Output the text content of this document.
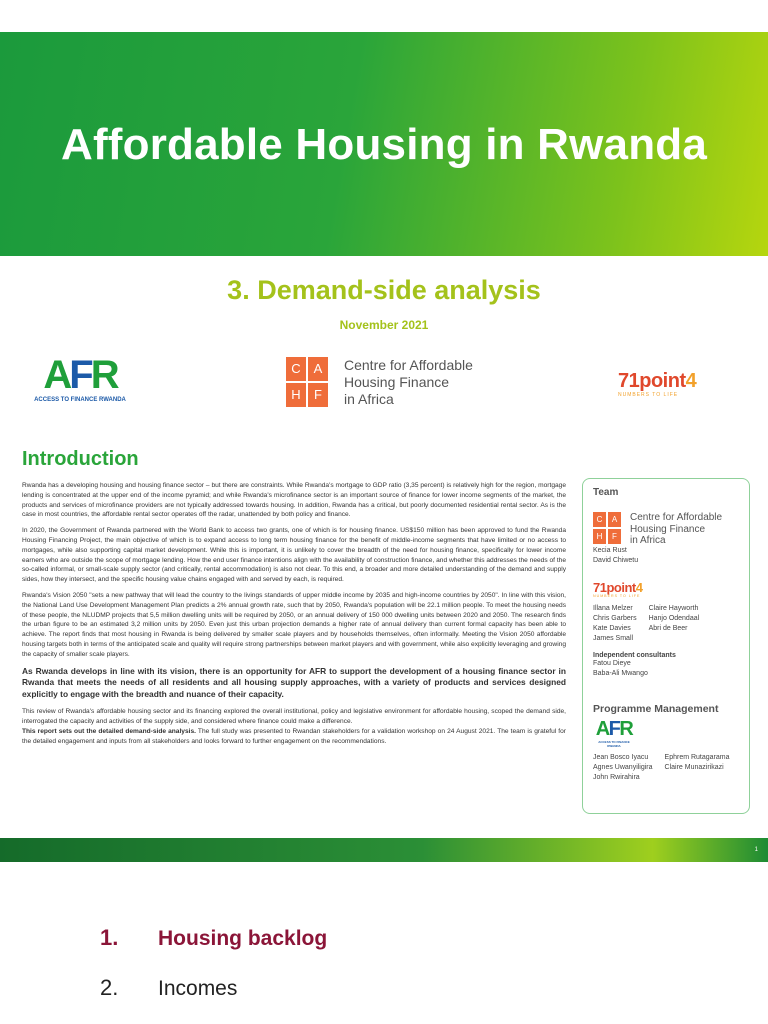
Affordable Housing in Rwanda
3. Demand-side analysis
November 2021
AFR
ACCESS TO FINANCE RWANDA
C A
H	F
Centre for Affordable
Housing Finance
in Africa
71point4
NUMBERS TO LIFE
Introduction

Rwanda has a developing housing and housing finance sector – but there are constraints. While Rwanda's mortgage to GDP ratio (3,35 percent) is relatively high for the region, mortgage lending is concentrated at the upper end of the income pyramid; and while Rwanda's microfinance sector is an important source of finance for lower income segments of the market, the products and services of microfinance providers are not typically addressed towards housing. In addition, Rwanda has a critical, but poorly documented residential rental sector. As is the case in most countries, the affordable rental sector operates off the radar, unattended by both policy and finance.

In 2020, the Government of Rwanda partnered with the World Bank to access two grants, one of which is for housing finance. US$150 million has been approved to fund the Rwanda Housing Financing Project, the main objective of which is to expand access to long term housing finance for the benefit of middle-income segments that have limited or no access to mortgages, while also supporting capital market development. While this is important, it is unlikely to cover the breadth of the need for housing finance, specifically for lower income earners who are outside the scope of mortgage lending. How the end user finance intentions align with the availability of construction finance, and whether this addresses the needs of the so-called informal, or small-scale supply sector (and critically, rental accommodation) is also not clear. To this end, a broader and more detailed understanding of the demand and supply sides, how they intersect, and the specific housing value chains engaged with and served by each, is required.

Rwanda's Vision 2050 "sets a new pathway that will lead the country to the livings standards of upper middle income by 2035 and high-income countries by 2050". In line with this vision, the National Land Use Development Management Plan predicts a 2% annual growth rate, such that by 2050, Rwanda's population will be 22.1 million people. To meet the housing needs of these people, the NLUDMP projects that 5,5 million dwelling units will be required by 2050, or an annual delivery of 150 000 dwelling units between 2020 and 2050. The research finds the urban figure to be an estimated 3,2 million units by 2050. Even just this urban projection demands a higher rate of annual delivery than current formal capacity has been able to achieve. The report finds that most housing in Rwanda is being delivered by smaller scale players and by households themselves, often informally. Meeting the Vision 2050 affordable housing targets both in terms of the anticipated scale and quality will require strong partnerships between market players and with government, while also explicitly leveraging and growing the capacity of smaller scale players.

As Rwanda develops in line with its vision, there is an opportunity for AFR to support the development of a housing finance sector in Rwanda that meets the needs of all residents and all housing supply approaches, with a variety of products and services designed explicitly to engage with the breadth and nuance of their capacity.

This review of Rwanda's affordable housing sector and its financing explored the overall institutional, policy and legislative environment for affordable housing, scoped the demand side, interrogated the capacity and activities of the supply side, and considered where finance could make a difference.
This report sets out the detailed demand-side analysis. The full study was presented to Rwandan stakeholders for a validation workshop on 24 August 2021. The team is grateful for the detailed engagement and inputs from all stakeholders and looks forward to further engagement on the recommendations.

Team
C	A
H	F
Centre for Affordable
Housing Finance
in Africa
Kecia Rust
David Chiwetu
71point4
NUMBERS TO LIFE
Illana Melzer
Chris Garbers
Kate Davies
James Small
Claire Hayworth
Hanjo Odendaal
Abri de Beer
Independent consultants
Fatou Dieye
Baba-Ali Mwango
Programme Management
AFR
ACCESS TO FINANCE RWANDA
Jean Bosco Iyacu
Agnes Uwanyiligira
John Rwirahira
Ephrem Rutagarama
Claire Munazirikazi
1
1.	Housing backlog
2.	Incomes
